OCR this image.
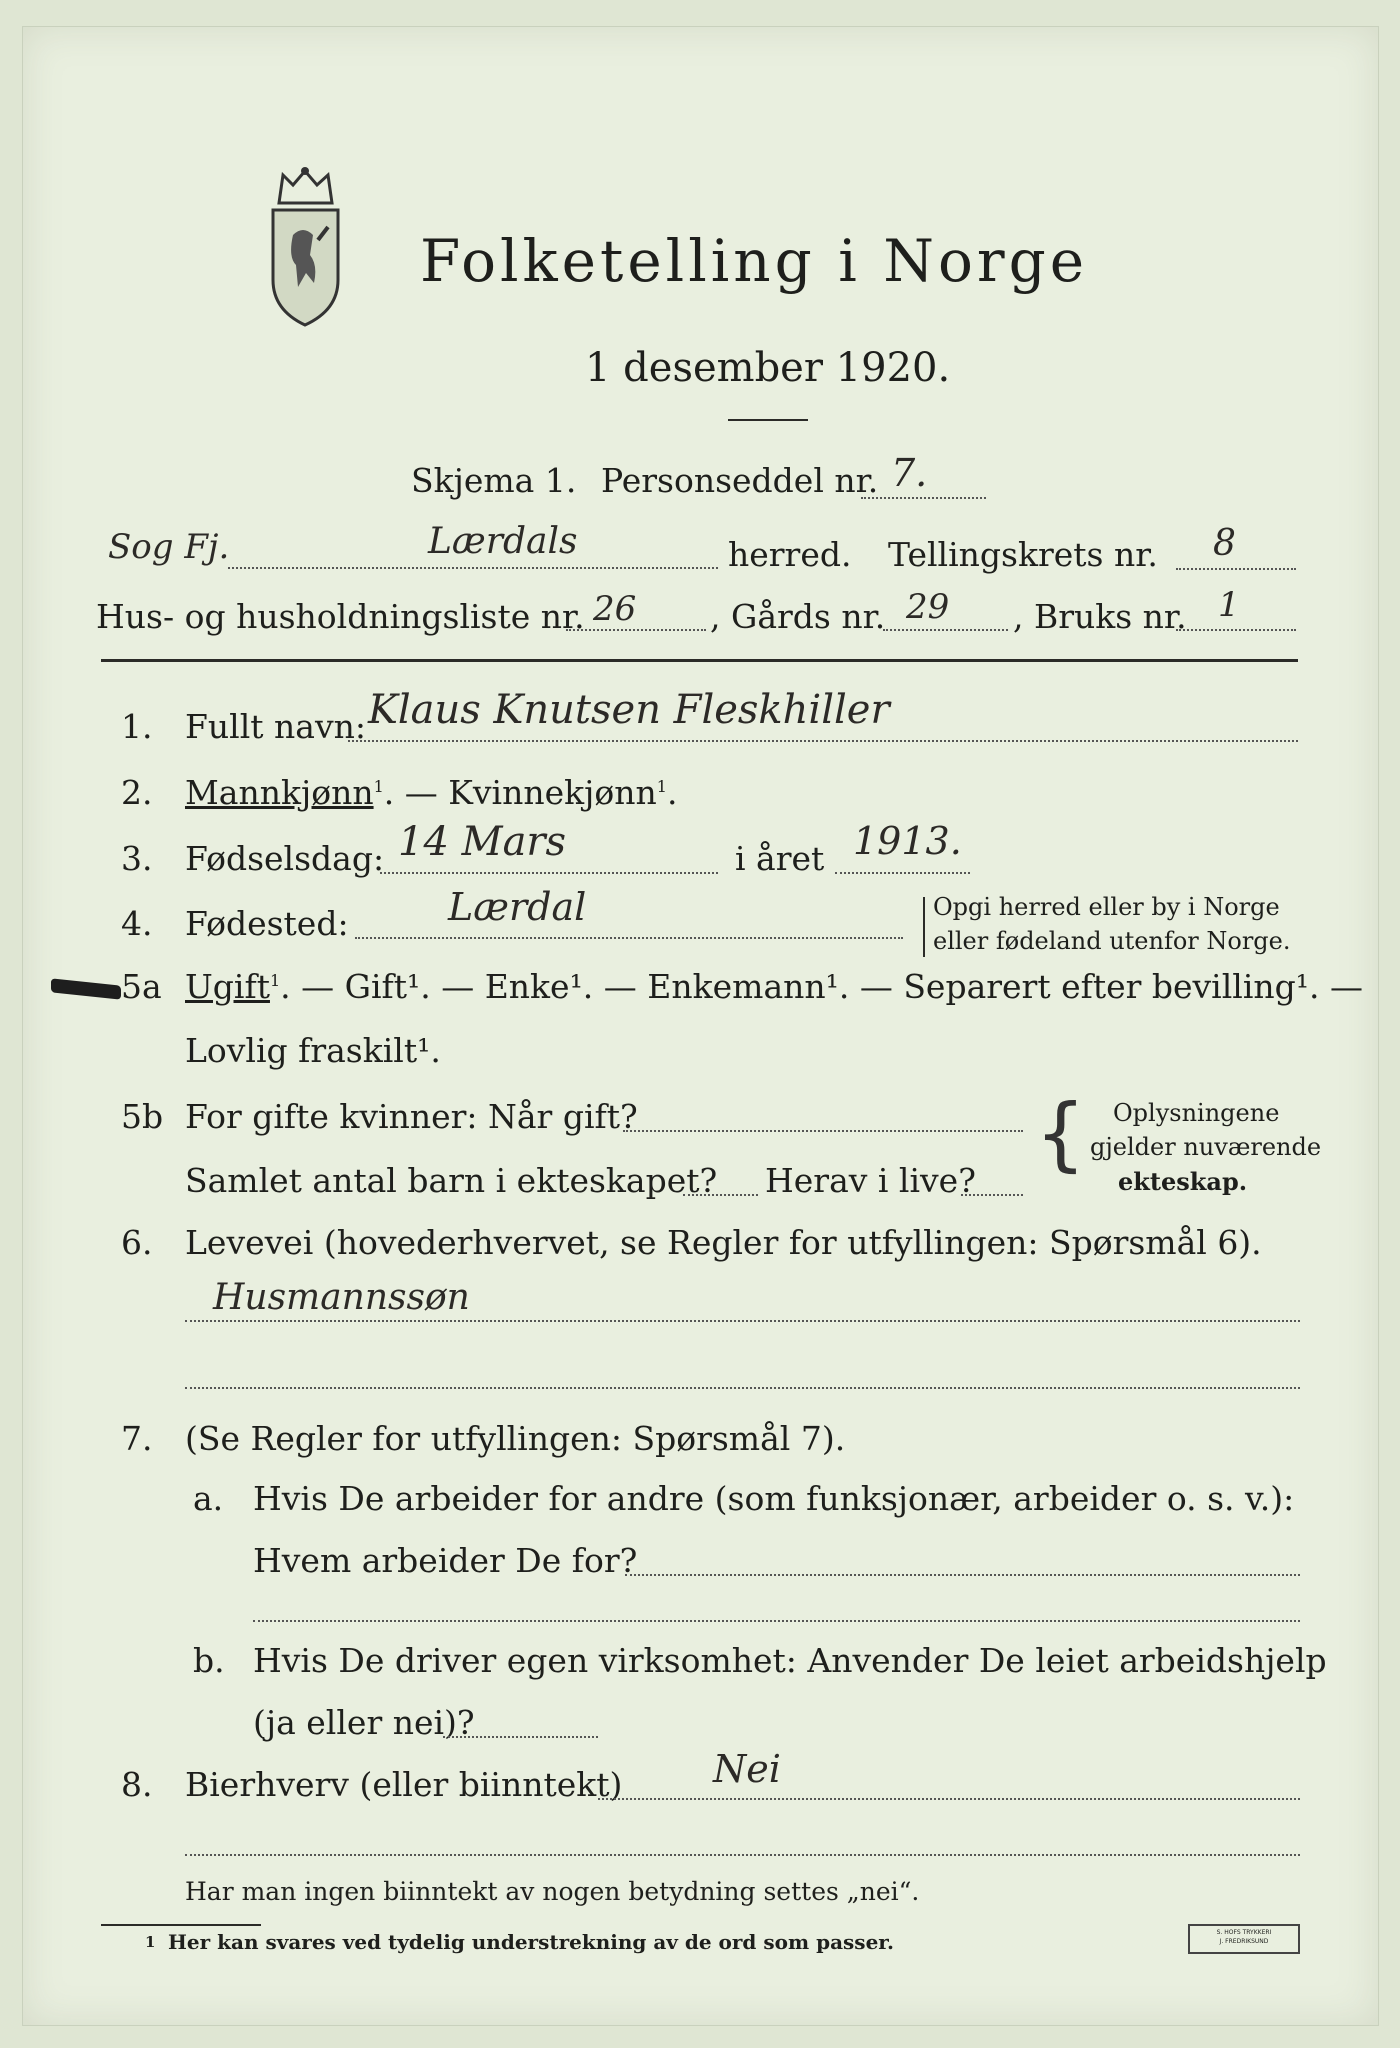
Folketelling i Norge
1 desember 1920.
Skjema 1. Personseddel nr. 7.
Sog Fj.	Lærdals	herred. Tellingskrets nr. 8
Hus- og husholdningsliste nr. 26 , Gårds nr. 29 , Bruks nr. 1
1. Fullt navn: Klaus Knutsen Fleskhiller
2. Mannkjønn$^1$. — Kvinnekjønn$^1$.
3. Fødselsdag: 14 Mars	i året 1913.
4. Fødested:	Lærdal	Opgi herred eller by i Norge
eller fødeland utenfor Norge.
5a Ugift$^1$. — Gift¹. — Enke¹. — Enkemann¹. — Separert efter bevilling¹. —
Lovlig fraskilt¹.
5b For gifte kvinner: Når gift?
Samlet antal barn i ekteskapet? Herav i live?
{ Oplysningene
gjelder nuværende
ekteskap.
6. Levevei (hovederhvervet, se Regler for utfyllingen: Spørsmål 6).
Husmannssøn
7. (Se Regler for utfyllingen: Spørsmål 7).
a. Hvis De arbeider for andre (som funksjonær, arbeider o. s. v.):
Hvem arbeider De for?
b. Hvis De driver egen virksomhet: Anvender De leiet arbeidshjelp
(ja eller nei)?
8. Bierhverv (eller biinntekt) Nei
Har man ingen biinntekt av nogen betydning settes „nei“.
1 Her kan svares ved tydelig understrekning av de ord som passer.	S. HOFS TRYKKERI
J. FREDRIKSUND
